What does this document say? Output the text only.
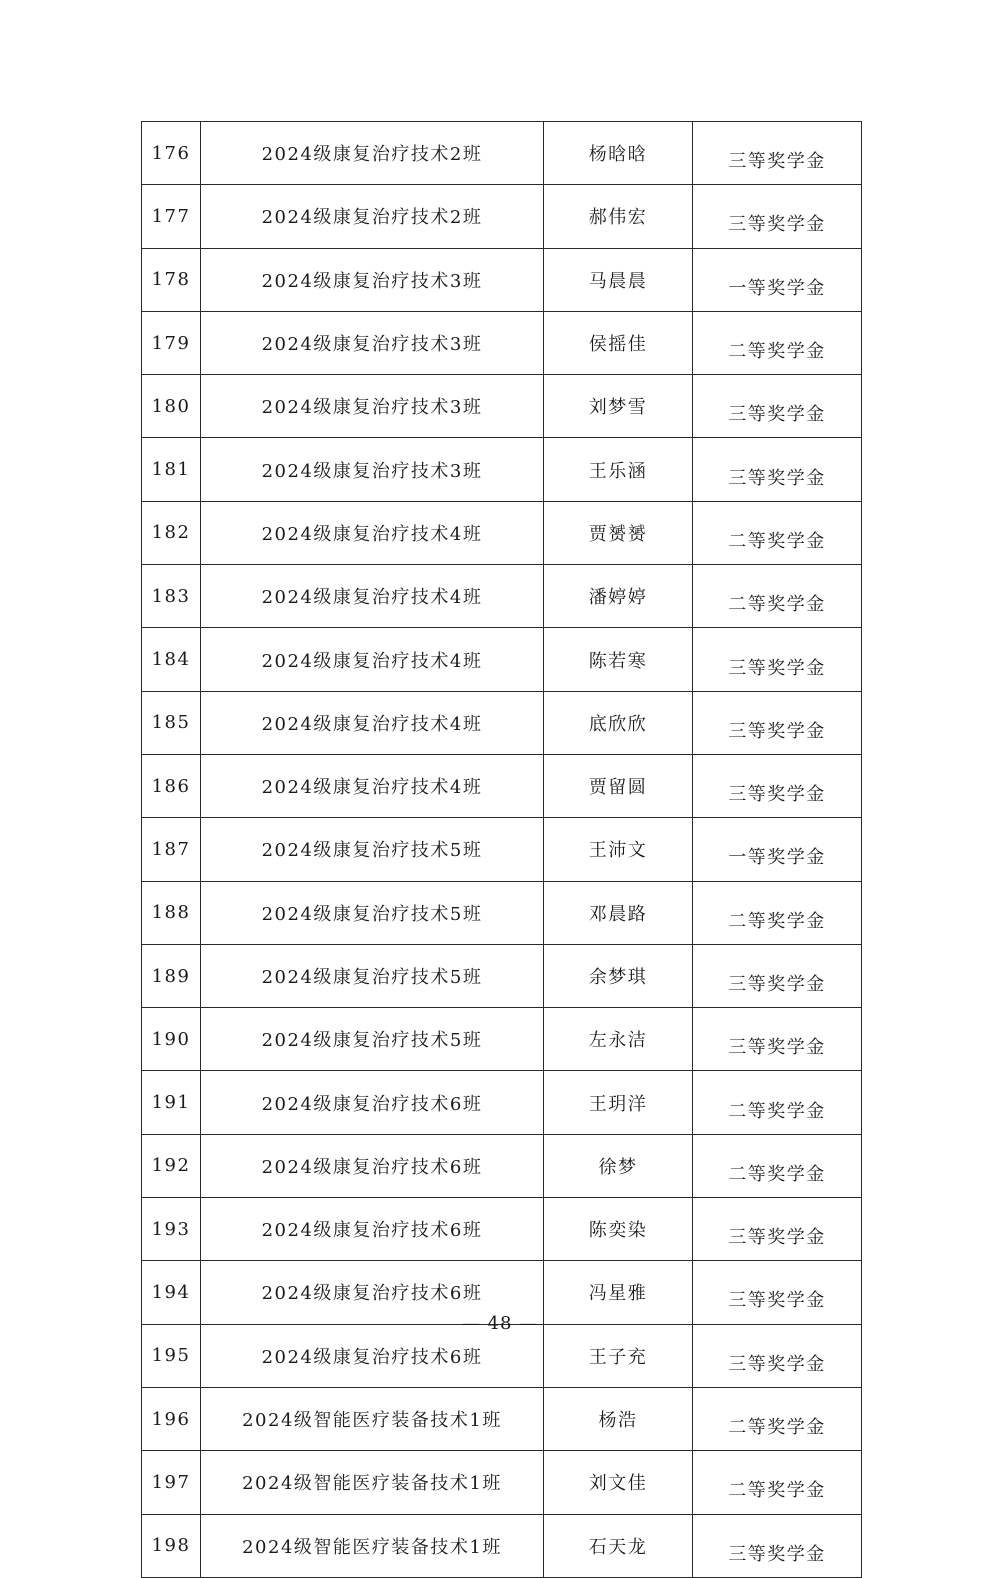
176	2024级康复治疗技术2班	杨晗晗	三等奖学金
177	2024级康复治疗技术2班	郝伟宏	三等奖学金
178	2024级康复治疗技术3班	马晨晨	一等奖学金
179	2024级康复治疗技术3班	侯摇佳	二等奖学金
180	2024级康复治疗技术3班	刘梦雪	三等奖学金
181	2024级康复治疗技术3班	王乐涵	三等奖学金
182	2024级康复治疗技术4班	贾赟赟	二等奖学金
183	2024级康复治疗技术4班	潘婷婷	二等奖学金
184	2024级康复治疗技术4班	陈若寒	三等奖学金
185	2024级康复治疗技术4班	底欣欣	三等奖学金
186	2024级康复治疗技术4班	贾留圆	三等奖学金
187	2024级康复治疗技术5班	王沛文	一等奖学金
188	2024级康复治疗技术5班	邓晨路	二等奖学金
189	2024级康复治疗技术5班	余梦琪	三等奖学金
190	2024级康复治疗技术5班	左永洁	三等奖学金
191	2024级康复治疗技术6班	王玥洋	二等奖学金
192	2024级康复治疗技术6班	徐梦	二等奖学金
193	2024级康复治疗技术6班	陈奕染	三等奖学金
194	2024级康复治疗技术6班	冯星雅	三等奖学金
195	2024级康复治疗技术6班	王子充	三等奖学金
196	2024级智能医疗装备技术1班	杨浩	二等奖学金
197	2024级智能医疗装备技术1班	刘文佳	二等奖学金
198	2024级智能医疗装备技术1班	石天龙	三等奖学金
— 48 —
